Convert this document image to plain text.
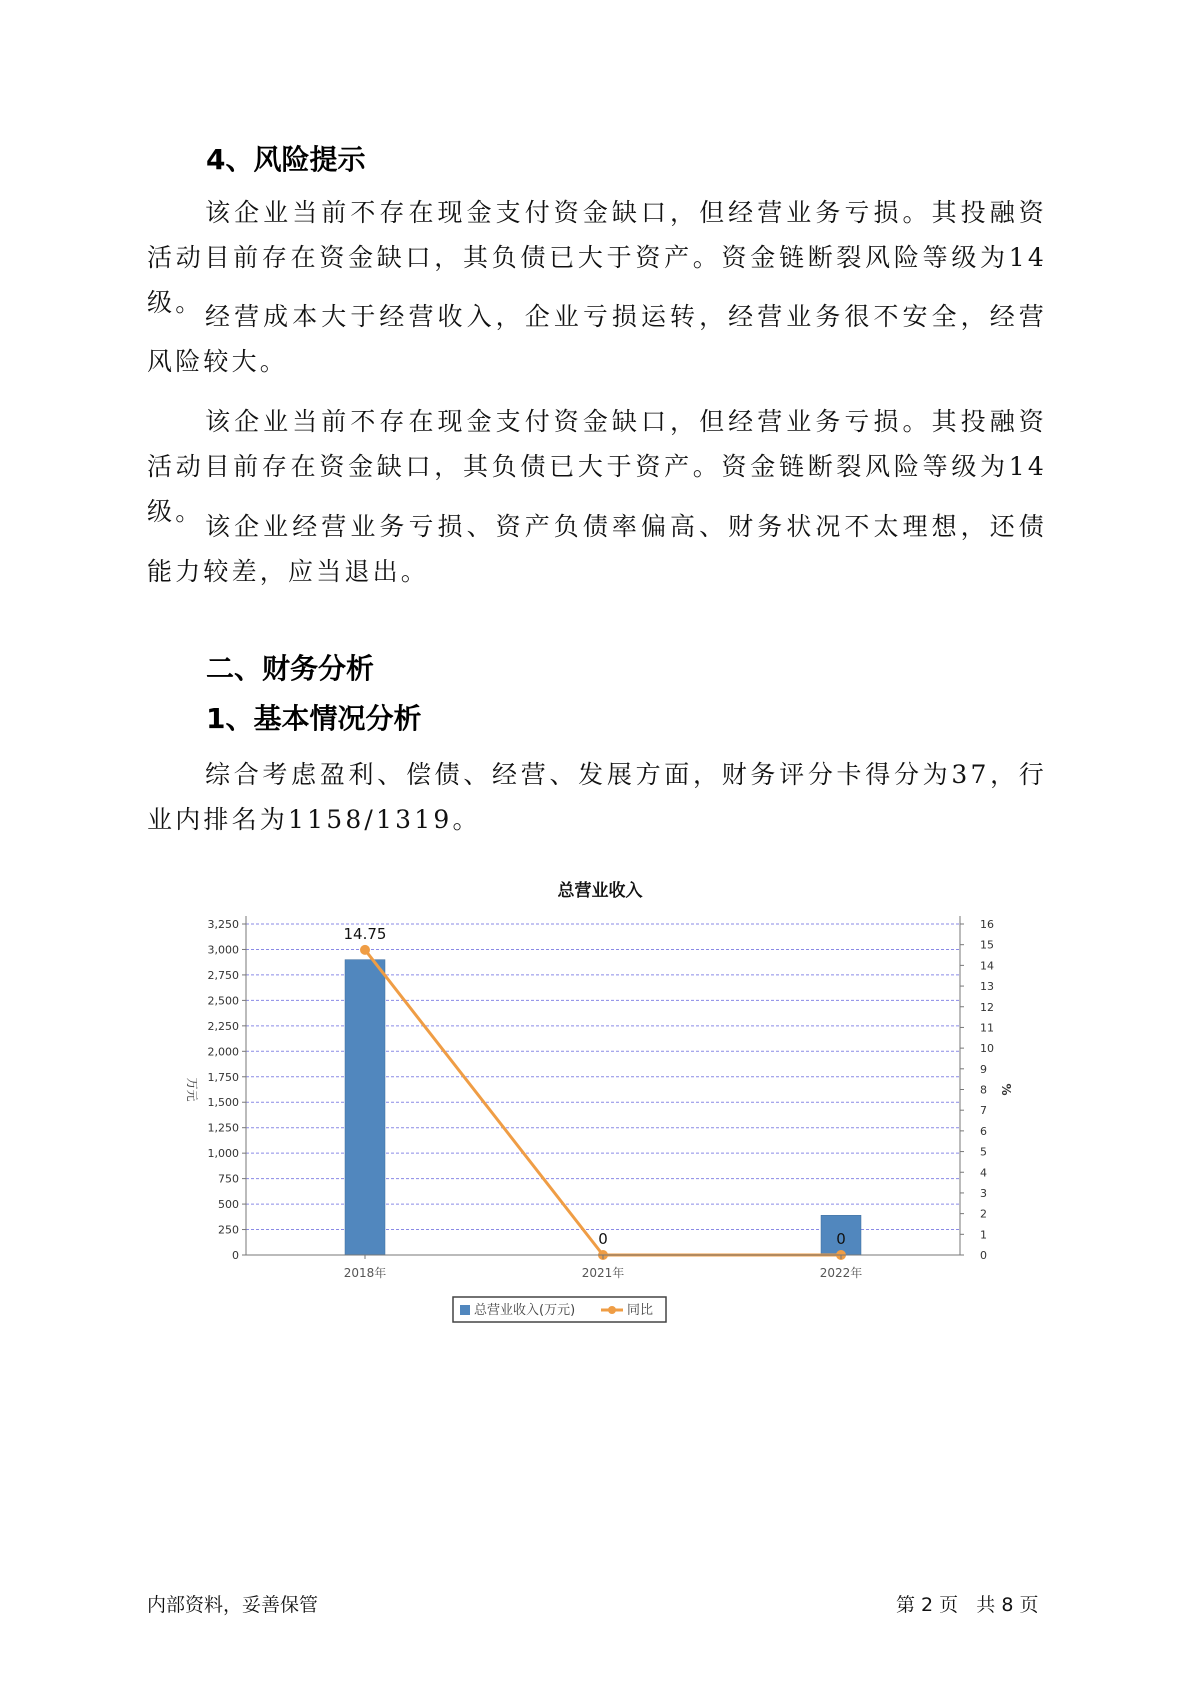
4、风险提示

该企业当前不存在现金支付资金缺口，但经营业务亏损。其投融资活动目前存在资金缺口，其负债已大于资产。资金链断裂风险等级为14级。 经营成本大于经营收入，企业亏损运转，经营业务很不安全，经营风险较大。

该企业当前不存在现金支付资金缺口，但经营业务亏损。其投融资活动目前存在资金缺口，其负债已大于资产。资金链断裂风险等级为14级。

该企业经营业务亏损、资产负债率偏高、财务状况不太理想，还债能力较差，应当退出。

二、财务分析
1、基本情况分析

综合考虑盈利、偿债、经营、发展方面，财务评分卡得分为37，行业内排名为1158/1319。

总营业收入
14.75
0	0
0
250
500
750
1,000
1,250
1,500
1,750
2,000
2,250
2,500
2,750
3,000
3,250
0
1
2
3
4
5
6
7
8
9
10
11
12
13
14
15
16
万元	%
2018年	2021年	2022年
总营业收入(万元)	同比
内部资料，妥善保管	第 2 页   共 8 页
